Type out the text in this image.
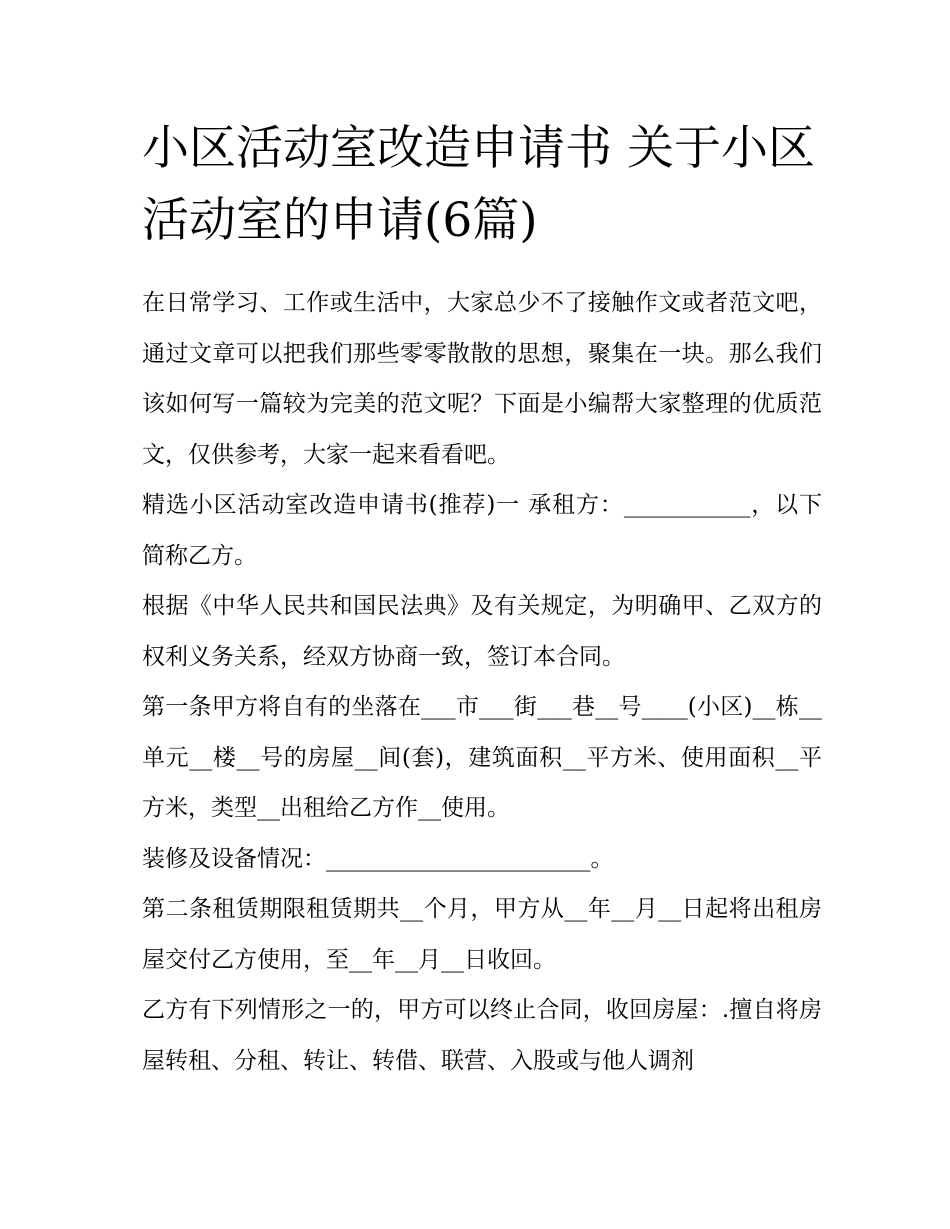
小区活动室改造申请书 关于小区活动室的申请(6篇)

在日常学习、工作或生活中，大家总少不了接触作文或者范文吧，通过文章可以把我们那些零零散散的思想，聚集在一块。那么我们该如何写一篇较为完美的范文呢？下面是小编帮大家整理的优质范文，仅供参考，大家一起来看看吧。

精选小区活动室改造申请书(推荐)一 承租方：___________，以下简称乙方。

根据《中华人民共和国民法典》及有关规定，为明确甲、乙双方的权利义务关系，经双方协商一致，签订本合同。

第一条甲方将自有的坐落在___市___街___巷__号____(小区)__栋__单元__楼__号的房屋__间(套)，建筑面积__平方米、使用面积__平方米，类型__出租给乙方作__使用。

装修及设备情况：_______________________。

第二条租赁期限租赁期共__个月，甲方从__年__月__日起将出租房屋交付乙方使用，至__年__月__日收回。

乙方有下列情形之一的，甲方可以终止合同，收回房屋：.擅自将房屋转租、分租、转让、转借、联营、入股或与他人调剂
